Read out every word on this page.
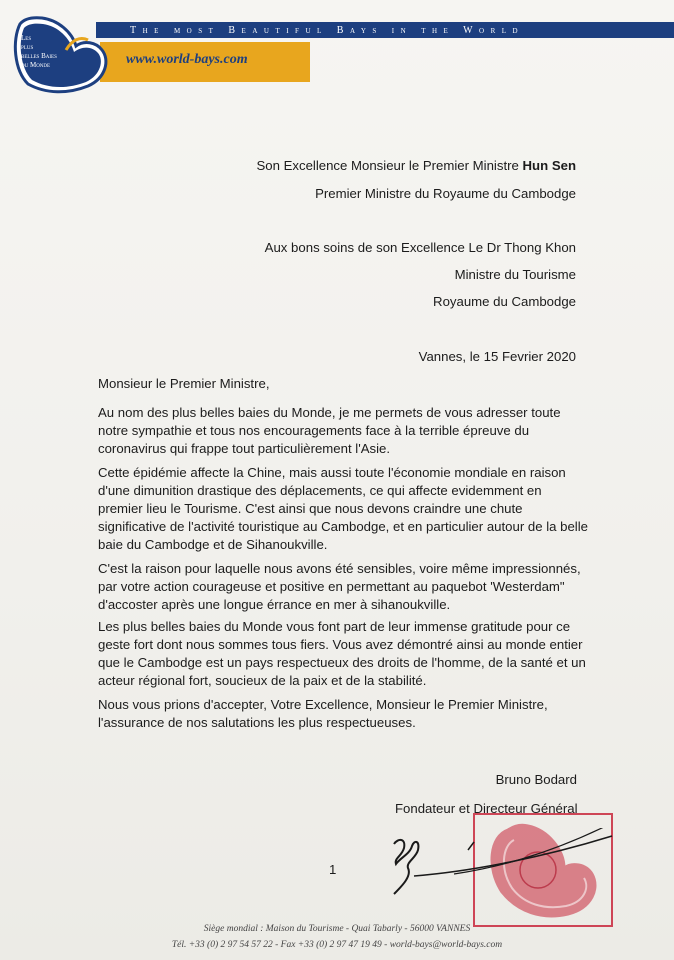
The most Beautiful Bays in the World
www.world-bays.com
Les
plus
belles Baies
du Monde
Son Excellence Monsieur le Premier Ministre Hun Sen
Premier Ministre du Royaume du Cambodge
Aux bons soins de son Excellence Le Dr Thong Khon
Ministre du Tourisme
Royaume du Cambodge
Vannes, le 15 Fevrier 2020
Monsieur le Premier Ministre,
Au nom des plus belles baies du Monde, je me permets de vous adresser toute
notre sympathie et tous nos encouragements face à la terrible épreuve du
coronavirus qui frappe tout particulièrement l'Asie.
Cette épidémie affecte la Chine, mais aussi toute l'économie mondiale en raison
d'une dimunition drastique des déplacements, ce qui affecte evidemment en
premier lieu le Tourisme. C'est ainsi que nous devons craindre une chute
significative de l'activité touristique au Cambodge, et en particulier autour de la belle
baie du Cambodge et de Sihanoukville.
C'est la raison pour laquelle nous avons été sensibles, voire même impressionnés,
par votre action courageuse et positive en permettant au paquebot 'Westerdam"
d'accoster après une longue érrance en mer à sihanoukville.
Les plus belles baies du Monde vous font part de leur immense gratitude pour ce
geste fort dont nous sommes tous fiers. Vous avez démontré ainsi au monde entier
que le Cambodge est un pays respectueux des droits de l'homme, de la santé et un
acteur régional fort, soucieux de la paix et de la stabilité.
Nous vous prions d'accepter, Votre Excellence, Monsieur le Premier Ministre,
l'assurance de nos salutations les plus respectueuses.
Bruno Bodard
Fondateur et Directeur Général
1
Siège mondial : Maison du Tourisme - Quai Tabarly - 56000 VANNES
Tél. +33 (0) 2 97 54 57 22 - Fax +33 (0) 2 97 47 19 49 - world-bays@world-bays.com
